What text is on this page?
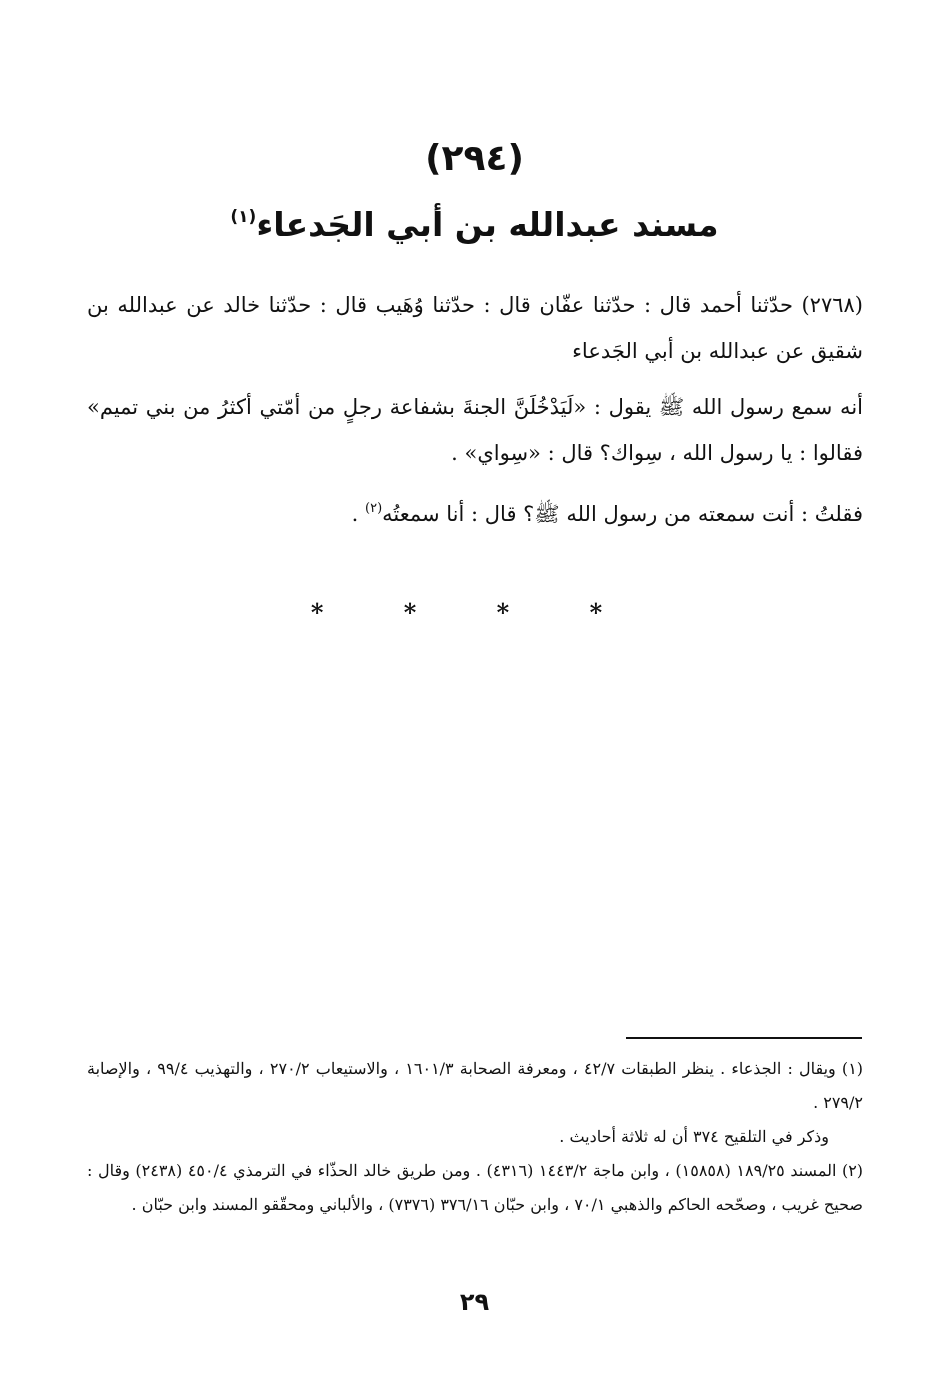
(٢٩٤)
مسند عبدالله بن أبي الجَدعاء$^{(١)}$

(٢٧٦٨) حدّثنا أحمد قال : حدّثنا عفّان قال : حدّثنا وُهَيب قال : حدّثنا خالد عن عبدالله بن شقيق عن عبدالله بن أبي الجَدعاء

أنه سمع رسول الله ﷺ يقول : «لَيَدْخُلَنَّ الجنةَ بشفاعة رجلٍ من أمّتي أكثرُ من بني تميم» فقالوا : يا رسول الله ، سِواك؟ قال : «سِواي» .

فقلتُ : أنت سمعته من رسول الله ﷺ؟ قال : أنا سمعتُه$^{(٢)}$ .

* * * *

(١) ويقال : الجذعاء . ينظر الطبقات ٤٢/٧ ، ومعرفة الصحابة ١٦٠١/٣ ، والاستيعاب ٢٧٠/٢ ، والتهذيب ٩٩/٤ ، والإصابة ٢٧٩/٢ .

وذكر في التلقيح ٣٧٤ أن له ثلاثة أحاديث .

(٢) المسند ١٨٩/٢٥ (١٥٨٥٨) ، وابن ماجة ١٤٤٣/٢ (٤٣١٦) . ومن طريق خالد الحذّاء في الترمذي ٤٥٠/٤ (٢٤٣٨) وقال : صحيح غريب ، وصحّحه الحاكم والذهبي ٧٠/١ ، وابن حبّان ٣٧٦/١٦ (٧٣٧٦) ، والألباني ومحقّقو المسند وابن حبّان .

٢٩
